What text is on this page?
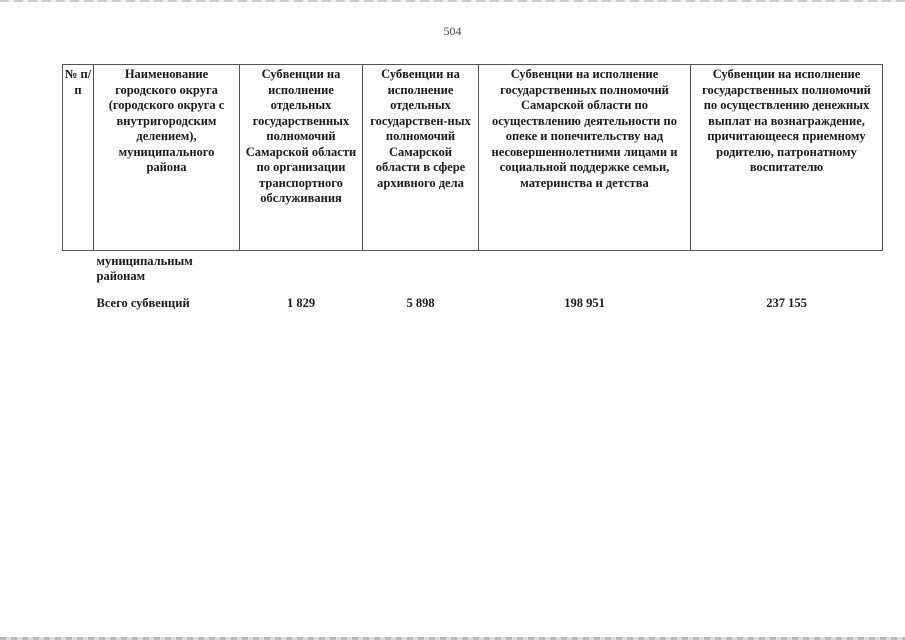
504
№ п/п	Наименование городского округа (городского округа с внутригородским делением), муниципального района	Субвенции на исполнение отдельных государственных полномочий Самарской области по организации транспортного обслуживания	Субвенции на исполнение отдельных государствен-ных полномочий Самарской области в сфере архивного дела	Субвенции на исполнение государственных полномочий Самарской области по осуществлению деятельности по опеке и попечительству над несовершеннолетними лицами и социальной поддержке семьи, материнства и детства	Субвенции на исполнение государственных полномочий по осуществлению денежных выплат на вознаграждение, причитающееся приемному родителю, патронатному воспитателю
	муниципальным районам				
	Всего субвенций	1 829	5 898	198 951	237 155
